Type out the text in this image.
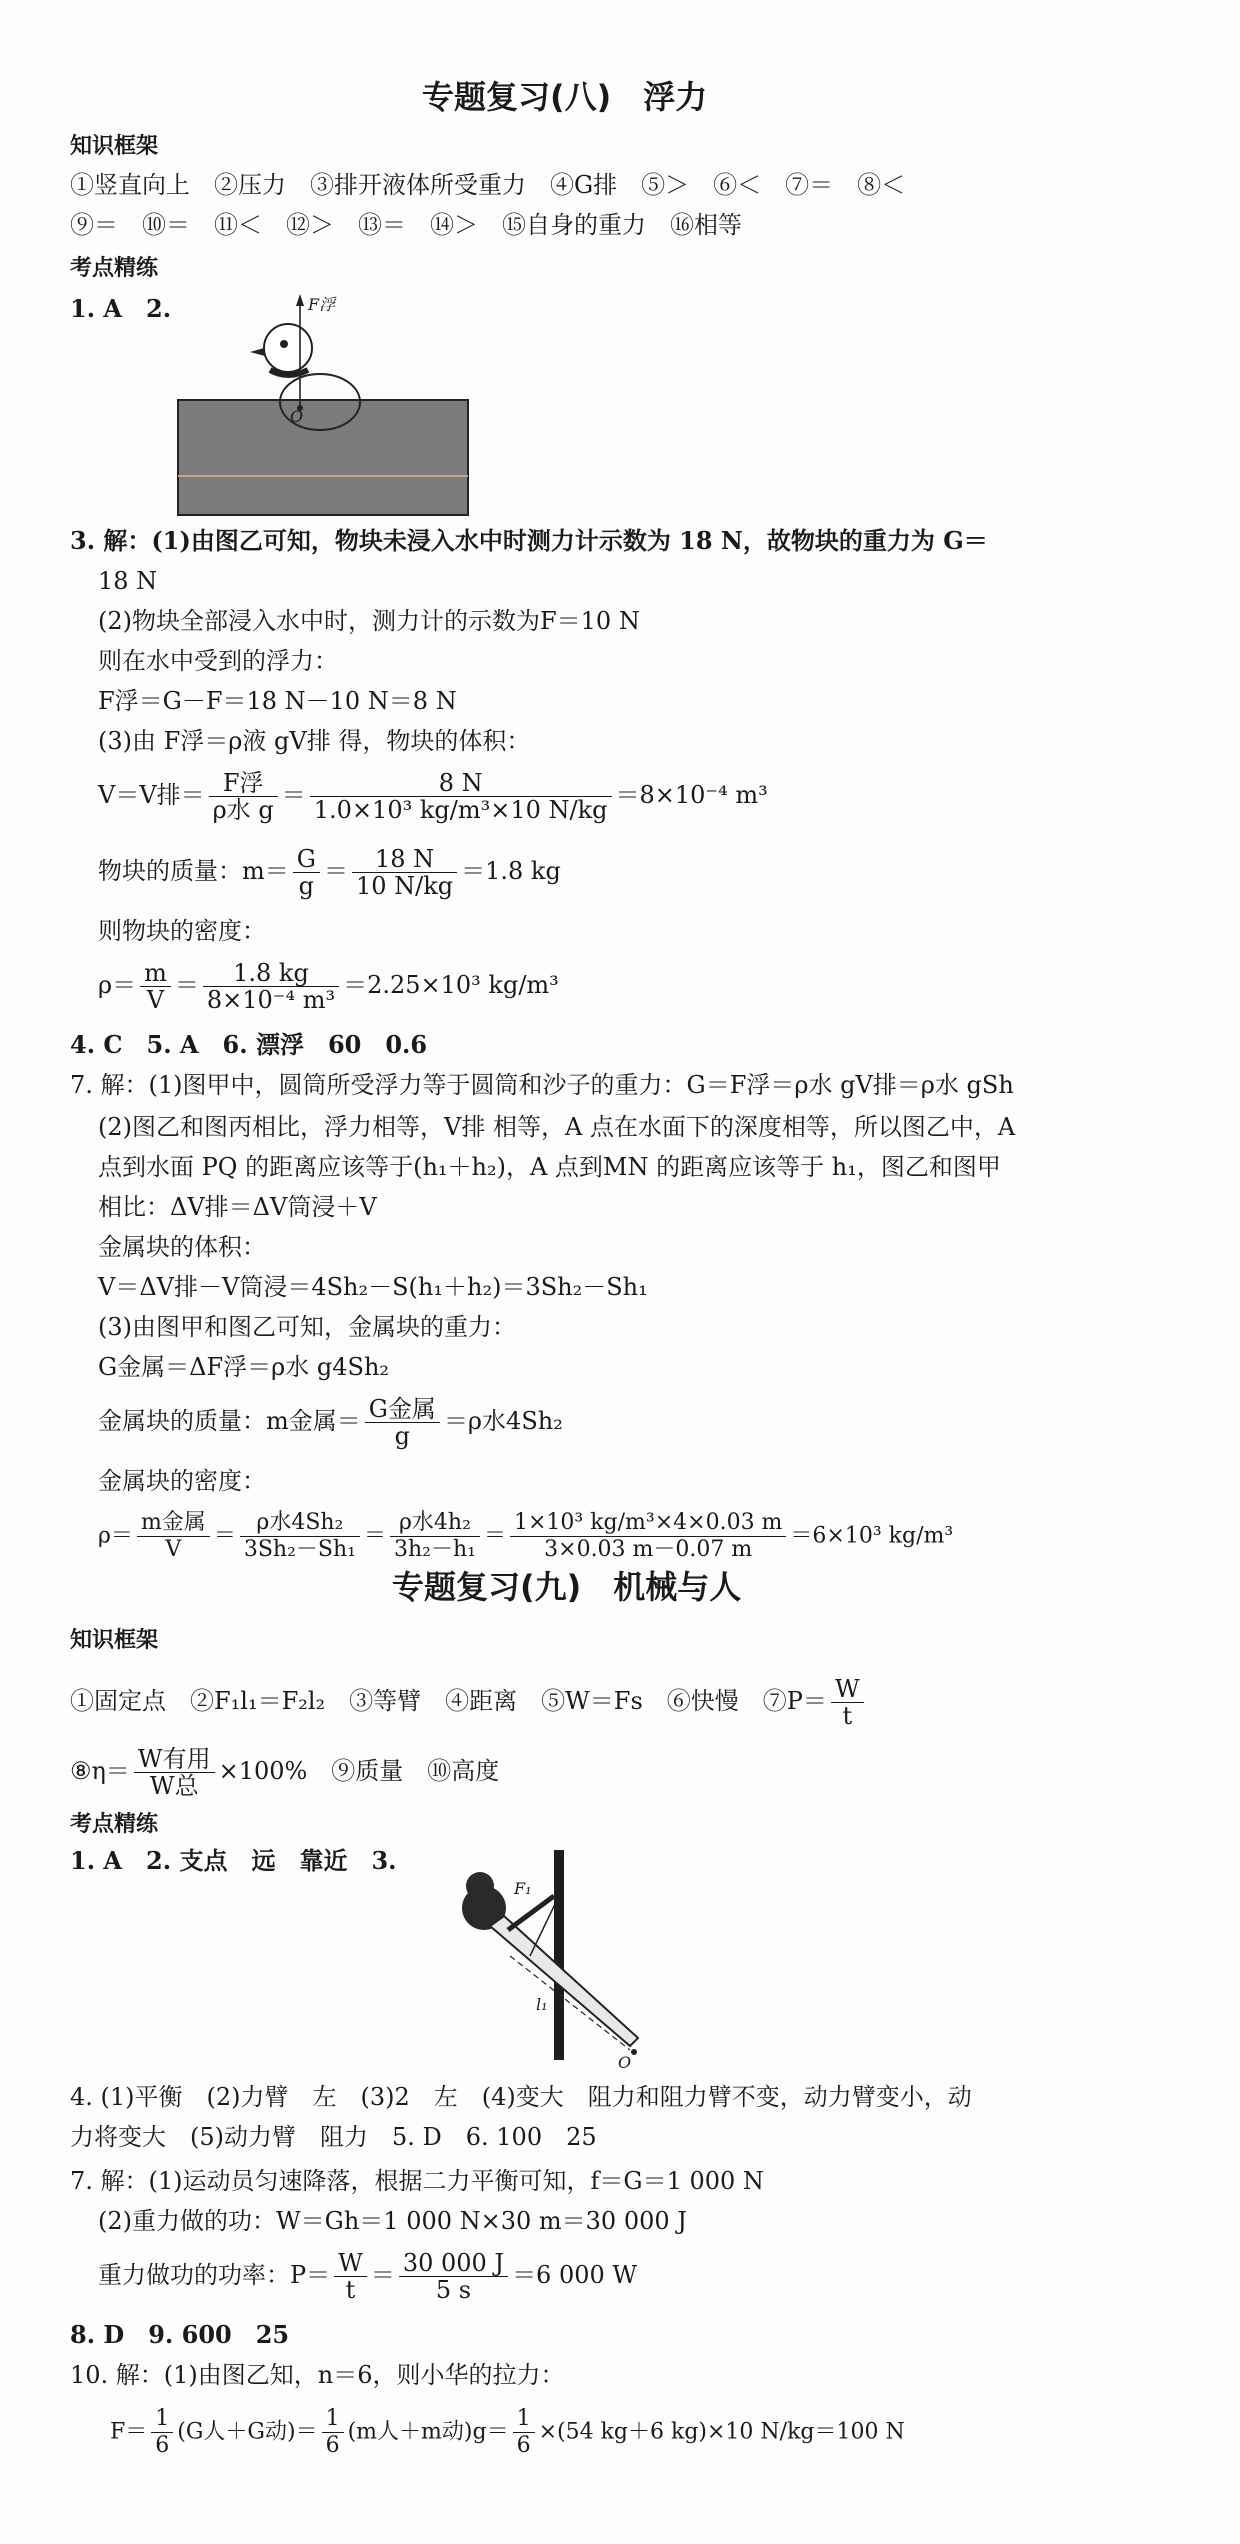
专题复习(八)　浮力
知识框架
①竖直向上　②压力　③排开液体所受重力　④G排　⑤＞　⑥＜　⑦＝　⑧＜
⑨＝　⑩＝　⑪＜　⑫＞　⑬＝　⑭＞　⑮自身的重力　⑯相等
考点精练
1. A　2.	F浮
O
3. 解：(1)由图乙可知，物块未浸入水中时测力计示数为 18 N，故物块的重力为 G＝
18 N
(2)物块全部浸入水中时，测力计的示数为F＝10 N
则在水中受到的浮力：
F浮＝G－F＝18 N－10 N＝8 N
(3)由 F浮＝ρ液 gV排 得，物块的体积：
V＝V排＝ $\frac{\text{F浮}}{\text{ρ水 g}} = \frac{8 N}{\text{1.0×10³ kg/m³×10 N/kg}} =8\times 10^{-4}$ m³
物块的质量：$m= \frac{G}{g} = \frac{18 N}{10 N/kg} =1.8$ kg
则物块的密度：
$\rho= \frac{m}{V} = \frac{1.8 kg}{\text{8×10⁻⁴ m³}} =2.25\times 10^3$ kg/m³
4. C　5. A　6. 漂浮　60　0.6
7. 解：(1)图甲中，圆筒所受浮力等于圆筒和沙子的重力：G＝F浮＝ρ水 gV排＝ρ水 gSh
(2)图乙和图丙相比，浮力相等，V排 相等，A 点在水面下的深度相等，所以图乙中，A
点到水面 PQ 的距离应该等于(h₁＋h₂)，A 点到MN 的距离应该等于 h₁，图乙和图甲
相比：ΔV排＝ΔV筒浸＋V
金属块的体积：
V＝ΔV排－V筒浸＝4Sh₂－S(h₁＋h₂)＝3Sh₂－Sh₁
(3)由图甲和图乙可知，金属块的重力：
G金属＝ΔF浮＝ρ水 g4Sh₂
金属块的质量：m金属＝ $\frac{\text{G金属}}{g} =\rho$水4Sh₂
金属块的密度：
$\rho= \frac{\text{m金属}}{V} = \frac{\text{ρ水4Sh₂}}{\text{3Sh₂－Sh₁}} = \frac{\text{ρ水4h₂}}{\text{3h₂－h₁}} = \frac{\text{1×10³ kg/m³×4×0.03 m}}{3\times 0.03 m-0.07 m} =6\times 10^3$ kg/m³
专题复习(九)　机械与人
知识框架
①固定点　②F₁l₁＝F₂l₂　③等臂　④距离　⑤W＝Fs　⑥快慢　⑦P＝ $\frac{W}{t}$
⑧η＝ $\frac{\text{W有用}}{\text{W总}} \times 100\%$　⑨质量　⑩高度
考点精练
1. A　2. 支点　远　靠近　3.
F₁
l₁
O
4. (1)平衡　(2)力臂　左　(3)2　左　(4)变大　阻力和阻力臂不变，动力臂变小，动
力将变大　(5)动力臂　阻力　5. D　6. 100　25
7. 解：(1)运动员匀速降落，根据二力平衡可知，f＝G＝1 000 N
(2)重力做的功：W＝Gh＝1 000 N×30 m＝30 000 J
重力做功的功率：$P= \frac{W}{t} = \frac{30 000 J}{5 s} =6$ 000 W
8. D　9. 600　25
10. 解：(1)由图乙知，n＝6，则小华的拉力：
$F= \frac{1}{6} (G$人＋G动)＝ $\frac{1}{6} (m$人＋m动)$g= \frac{1}{6} \times(54$ kg＋6 kg)×10 N/kg＝100 N
